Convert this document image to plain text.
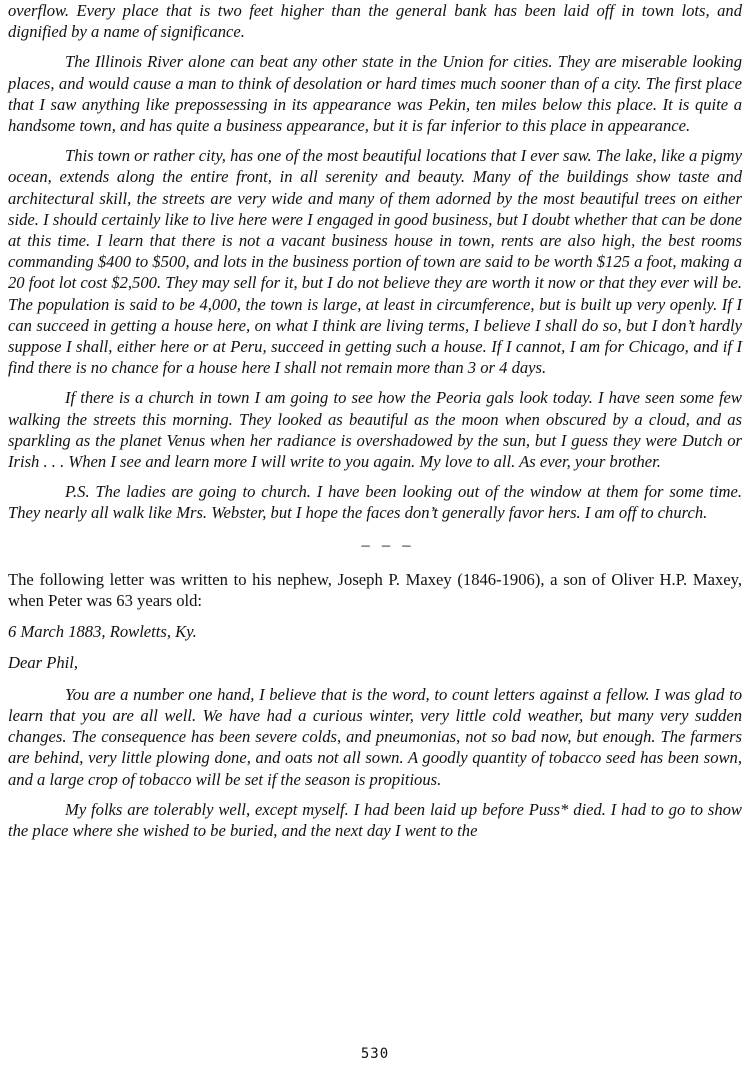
overflow. Every place that is two feet higher than the general bank has been laid off in town lots, and dignified by a name of significance.

The Illinois River alone can beat any other state in the Union for cities. They are miserable looking places, and would cause a man to think of desolation or hard times much sooner than of a city. The first place that I saw anything like prepossessing in its appearance was Pekin, ten miles below this place. It is quite a handsome town, and has quite a business appearance, but it is far inferior to this place in appearance.

This town or rather city, has one of the most beautiful locations that I ever saw. The lake, like a pigmy ocean, extends along the entire front, in all serenity and beauty. Many of the buildings show taste and architectural skill, the streets are very wide and many of them adorned by the most beautiful trees on either side. I should certainly like to live here were I engaged in good business, but I doubt whether that can be done at this time. I learn that there is not a vacant business house in town, rents are also high, the best rooms commanding $400 to $500, and lots in the business portion of town are said to be worth $125 a foot, making a 20 foot lot cost $2,500. They may sell for it, but I do not believe they are worth it now or that they ever will be. The population is said to be 4,000, the town is large, at least in circumference, but is built up very openly. If I can succeed in getting a house here, on what I think are living terms, I believe I shall do so, but I don’t hardly suppose I shall, either here or at Peru, succeed in getting such a house. If I cannot, I am for Chicago, and if I find there is no chance for a house here I shall not remain more than 3 or 4 days.

If there is a church in town I am going to see how the Peoria gals look today. I have seen some few walking the streets this morning. They looked as beautiful as the moon when obscured by a cloud, and as sparkling as the planet Venus when her radiance is overshadowed by the sun, but I guess they were Dutch or Irish . . . When I see and learn more I will write to you again. My love to all. As ever, your brother.

P.S. The ladies are going to church. I have been looking out of the window at them for some time. They nearly all walk like Mrs. Webster, but I hope the faces don’t generally favor hers. I am off to church.

– – –

The following letter was written to his nephew, Joseph P. Maxey (1846-1906), a son of Oliver H.P. Maxey, when Peter was 63 years old:

6 March 1883, Rowletts, Ky.

Dear Phil,

You are a number one hand, I believe that is the word, to count letters against a fellow. I was glad to learn that you are all well. We have had a curious winter, very little cold weather, but many very sudden changes. The consequence has been severe colds, and pneumonias, not so bad now, but enough. The farmers are behind, very little plowing done, and oats not all sown. A goodly quantity of tobacco seed has been sown, and a large crop of tobacco will be set if the season is propitious.

My folks are tolerably well, except myself. I had been laid up before Puss* died. I had to go to show the place where she wished to be buried, and the next day I went to the

530
